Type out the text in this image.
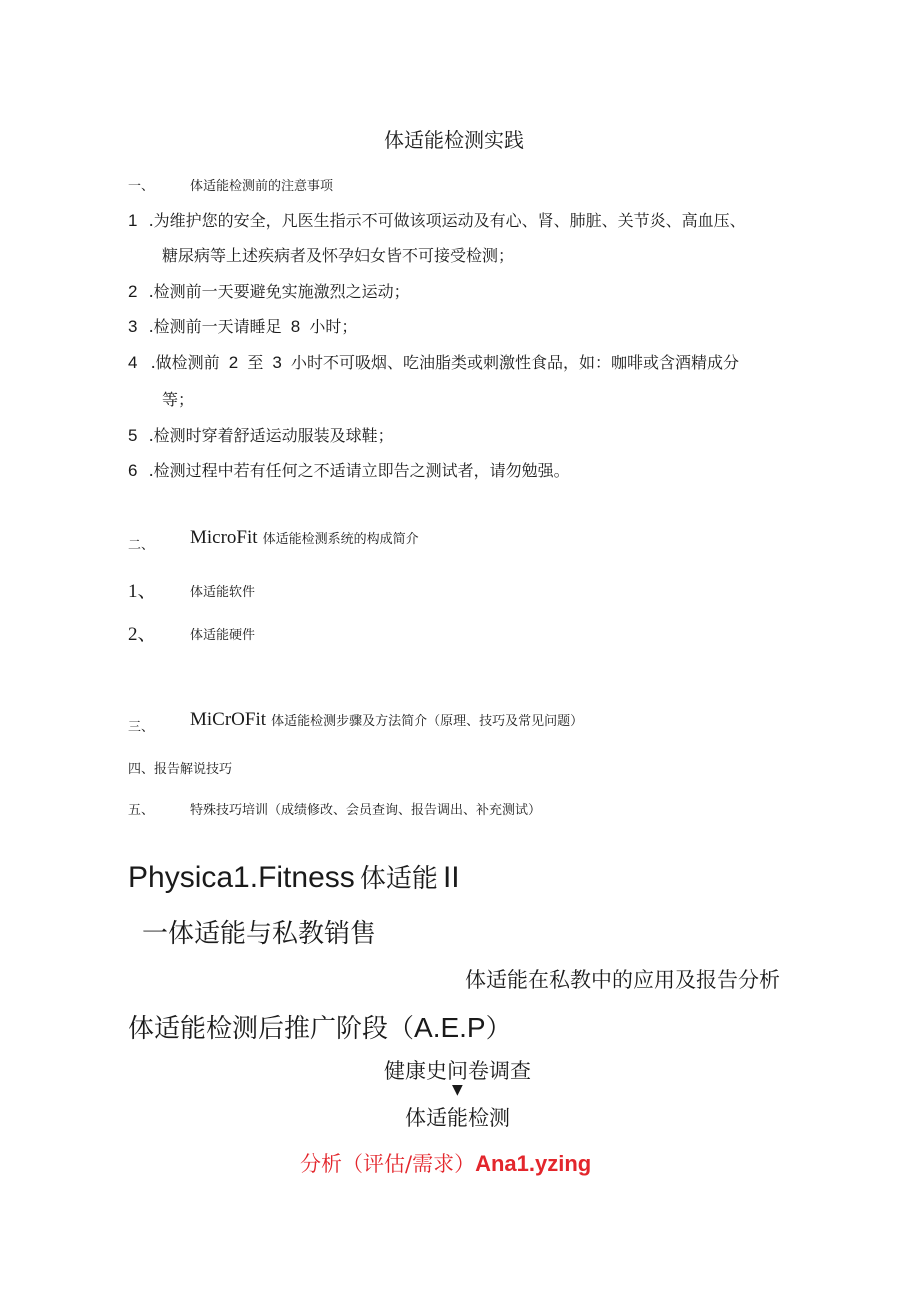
体适能检测实践
一、	体适能检测前的注意事项
1 .为维护您的安全，凡医生指示不可做该项运动及有心、肾、肺脏、关节炎、高血压、
糖尿病等上述疾病者及怀孕妇女皆不可接受检测；
2 .检测前一天要避免实施激烈之运动；
3 .检测前一天请睡足 8 小时；
4 .做检测前 2 至 3 小时不可吸烟、吃油脂类或刺激性食品，如：咖啡或含酒精成分
等；
5 .检测时穿着舒适运动服装及球鞋；
6 .检测过程中若有任何之不适请立即告之测试者，请勿勉强。
二、 MicroFit 体适能检测系统的构成简介
1、	体适能软件
2、	体适能硬件
三、 MiCrOFit 体适能检测步骤及方法简介（原理、技巧及常见问题）
四、报告解说技巧
五、	特殊技巧培训（成绩修改、会员查询、报告调出、补充测试）
Physica1.Fitness 体适能 II
一体适能与私教销售
体适能在私教中的应用及报告分析
体适能检测后推广阶段（A.E.P）
健康史问卷调查
▼
体适能检测
分析（评估/需求）Ana1.yzing
